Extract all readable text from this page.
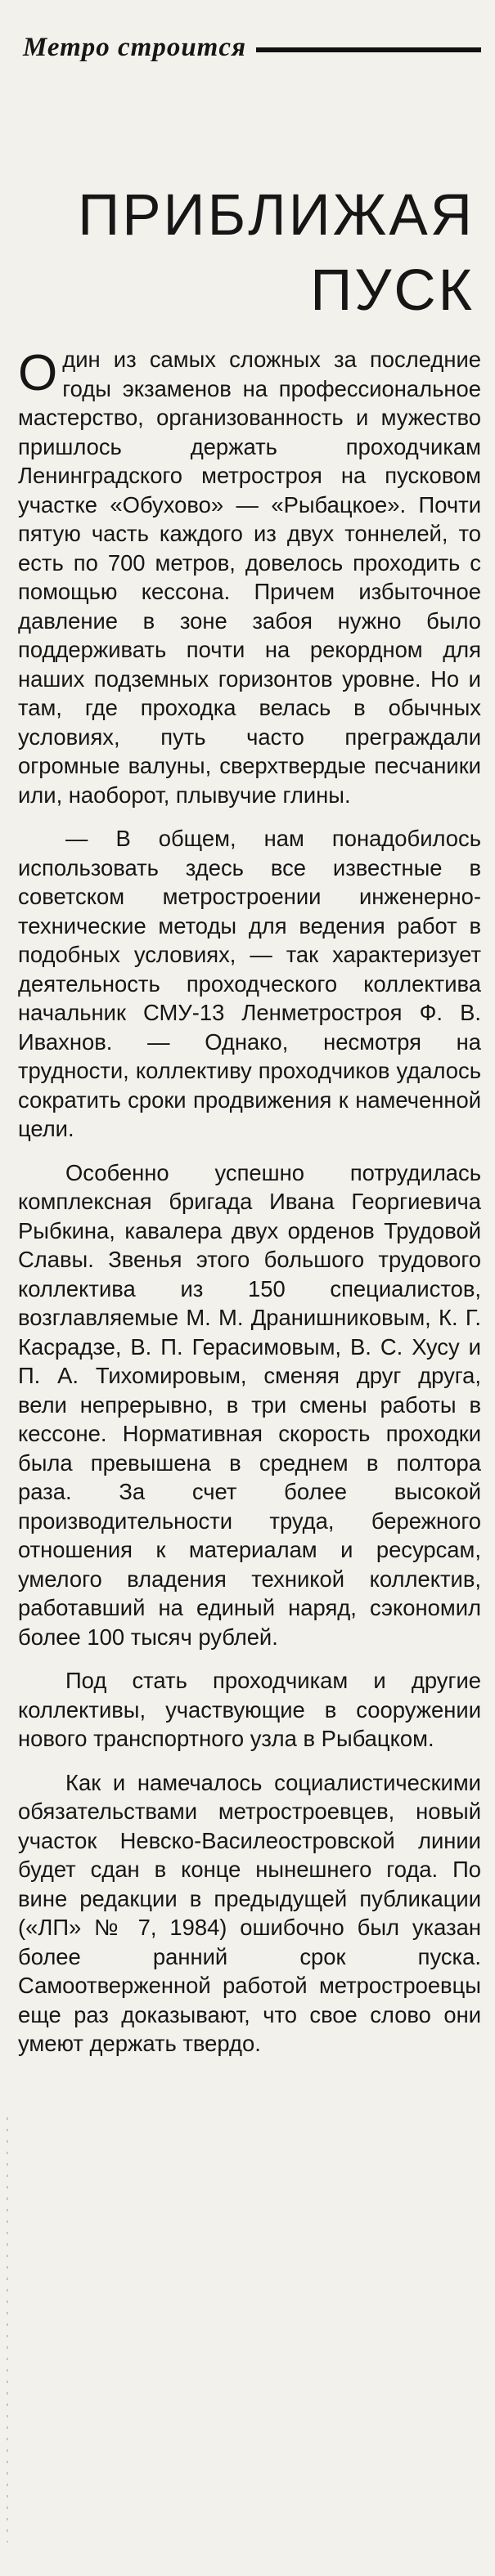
Метро строится
ПРИБЛИЖАЯ
ПУСК

Один из самых сложных за последние годы экзаменов на профессиональное мастерство, организованность и мужество пришлось держать проходчикам Ленинградского метростроя на пусковом участке «Обухово» — «Рыбацкое». Почти пятую часть каждого из двух тоннелей, то есть по 700 метров, довелось проходить с помощью кессона. Причем избыточное давление в зоне забоя нужно было поддерживать почти на рекордном для наших подземных горизонтов уровне. Но и там, где проходка велась в обычных условиях, путь часто преграждали огромные валуны, сверхтвердые песчаники или, наоборот, плывучие глины.

— В общем, нам понадобилось использовать здесь все известные в советском метростроении инженерно-технические методы для ведения работ в подобных условиях, — так характеризует деятельность проходческого коллектива начальник СМУ-13 Ленметростроя Ф. В. Ивахнов. — Однако, несмотря на трудности, коллективу проходчиков удалось сократить сроки продвижения к намеченной цели.

Особенно успешно потрудилась комплексная бригада Ивана Георгиевича Рыбкина, кавалера двух орденов Трудовой Славы. Звенья этого большого трудового коллектива из 150 специалистов, возглавляемые М. М. Дранишниковым, К. Г. Касрадзе, В. П. Герасимовым, В. С. Хусу и П. А. Тихомировым, сменяя друг друга, вели непрерывно, в три смены работы в кессоне. Нормативная скорость проходки была превышена в среднем в полтора раза. За счет более высокой производительности труда, бережного отношения к материалам и ресурсам, умелого владения техникой коллектив, работавший на единый наряд, сэкономил более 100 тысяч рублей.

Под стать проходчикам и другие коллективы, участвующие в сооружении нового транспортного узла в Рыбацком.

Как и намечалось социалистическими обязательствами метростроевцев, новый участок Невско-Василеостровской линии будет сдан в конце нынешнего года. По вине редакции в предыдущей публикации («ЛП» № 7, 1984) ошибочно был указан более ранний срок пуска. Самоотверженной работой метростроевцы еще раз доказывают, что свое слово они умеют держать твердо.
